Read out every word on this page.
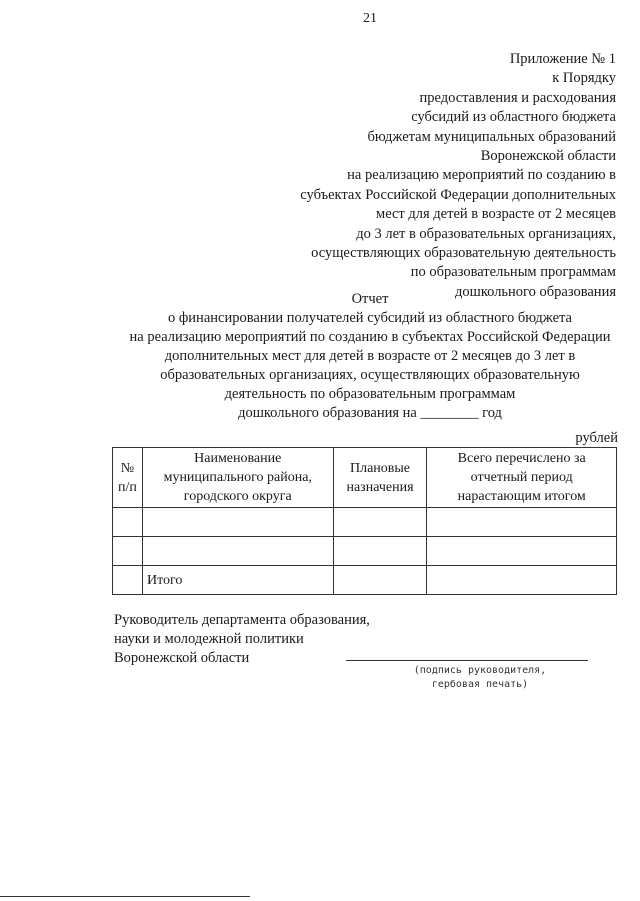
21
Приложение № 1
к Порядку
предоставления и расходования
субсидий из областного бюджета
бюджетам муниципальных образований
Воронежской области
на реализацию мероприятий по созданию в
субъектах Российской Федерации дополнительных
мест для детей в возрасте от 2 месяцев
до 3 лет в образовательных организациях,
осуществляющих образовательную деятельность
по образовательным программам
дошкольного образования
Отчет
о финансировании получателей субсидий из областного бюджета
на реализацию мероприятий по созданию в субъектах Российской Федерации
дополнительных мест для детей в возрасте от 2 месяцев до 3 лет в
образовательных организациях, осуществляющих образовательную
деятельность по образовательным программам
дошкольного образования на ________ год
рублей
№ п/п	Наименование муниципального района, городского округа	Плановые назначения	Всего перечислено за отчетный период нарастающим итогом

	Итого		
Руководитель департамента образования,
науки и молодежной политики
Воронежской области
(подпись руководителя,
гербовая печать)
